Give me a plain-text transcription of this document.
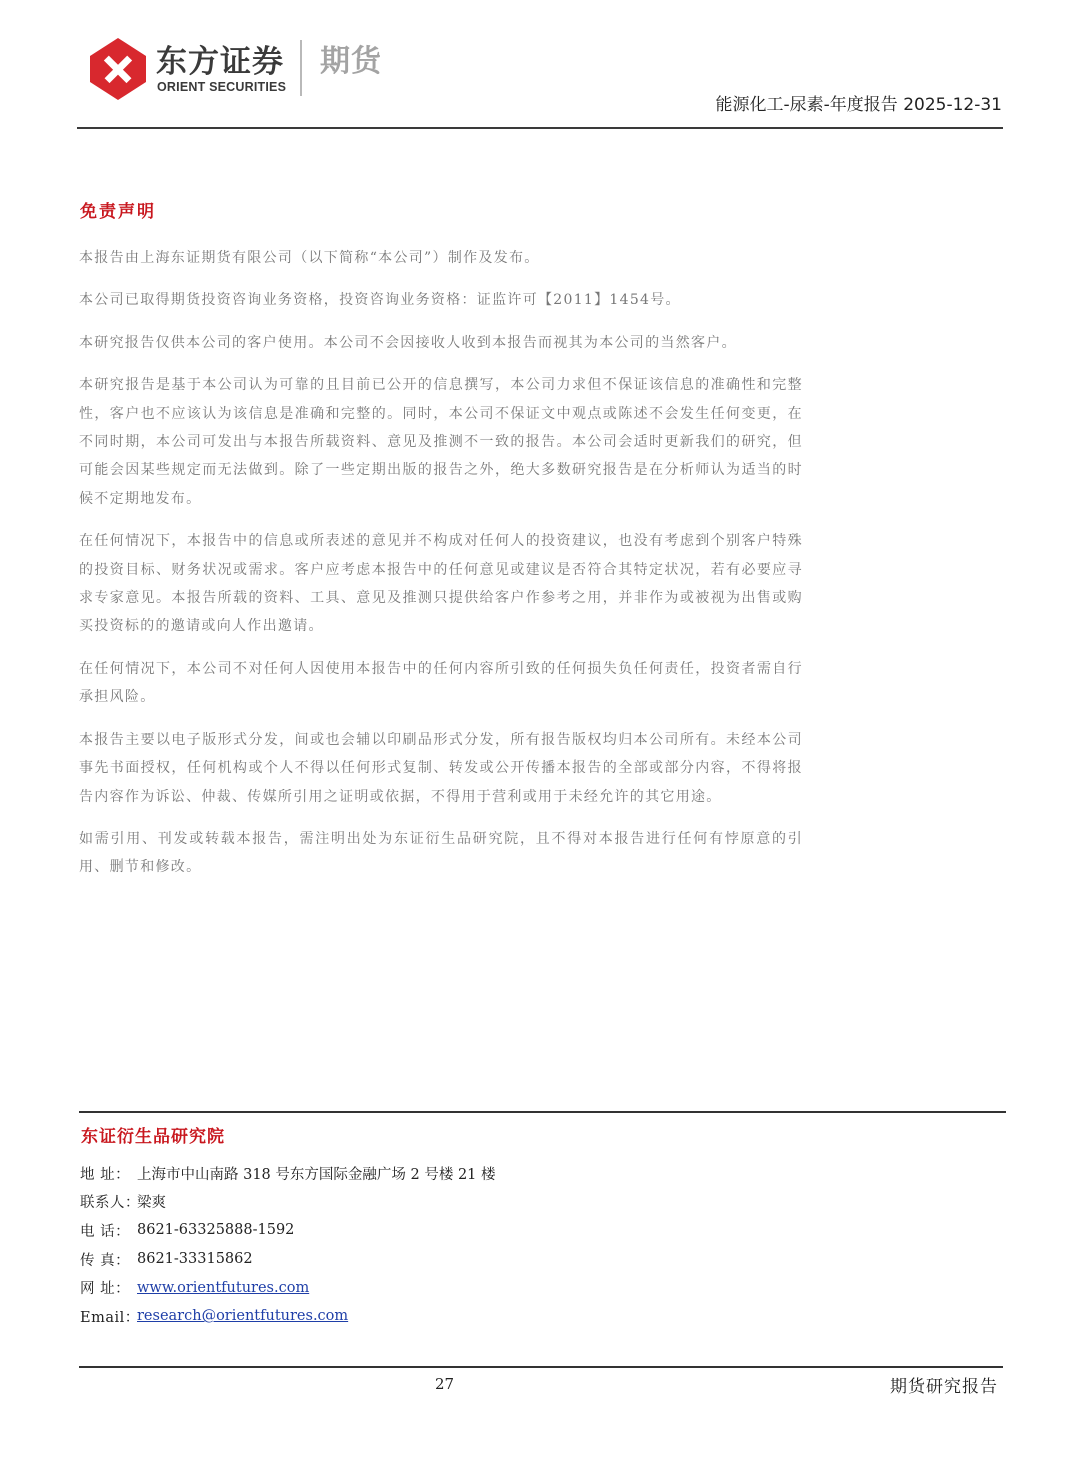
东方证券
ORIENT SECURITIES
期货
能源化工-尿素-年度报告 2025-12-31
免责声明

本报告由上海东证期货有限公司（以下简称“本公司”）制作及发布。

本公司已取得期货投资咨询业务资格，投资咨询业务资格：证监许可【2011】1454号。

本研究报告仅供本公司的客户使用。本公司不会因接收人收到本报告而视其为本公司的当然客户。

本研究报告是基于本公司认为可靠的且目前已公开的信息撰写，本公司力求但不保证该信息的准确性和完整性，客户也不应该认为该信息是准确和完整的。同时，本公司不保证文中观点或陈述不会发生任何变更，在不同时期，本公司可发出与本报告所载资料、意见及推测不一致的报告。本公司会适时更新我们的研究，但可能会因某些规定而无法做到。除了一些定期出版的报告之外，绝大多数研究报告是在分析师认为适当的时候不定期地发布。

在任何情况下，本报告中的信息或所表述的意见并不构成对任何人的投资建议，也没有考虑到个别客户特殊的投资目标、财务状况或需求。客户应考虑本报告中的任何意见或建议是否符合其特定状况，若有必要应寻求专家意见。本报告所载的资料、工具、意见及推测只提供给客户作参考之用，并非作为或被视为出售或购买投资标的的邀请或向人作出邀请。

在任何情况下，本公司不对任何人因使用本报告中的任何内容所引致的任何损失负任何责任，投资者需自行承担风险。

本报告主要以电子版形式分发，间或也会辅以印刷品形式分发，所有报告版权均归本公司所有。未经本公司事先书面授权，任何机构或个人不得以任何形式复制、转发或公开传播本报告的全部或部分内容，不得将报告内容作为诉讼、仲裁、传媒所引用之证明或依据，不得用于营利或用于未经允许的其它用途。

如需引用、刊发或转载本报告，需注明出处为东证衍生品研究院，且不得对本报告进行任何有悖原意的引用、删节和修改。

东证衍生品研究院
地 址： 上海市中山南路 318 号东方国际金融广场 2 号楼 21 楼
联系人：
梁爽
电 话： 8621-63325888-1592
传 真： 8621-33315862
网 址： www.orientfutures.com
Email：
research@orientfutures.com
27	期货研究报告
